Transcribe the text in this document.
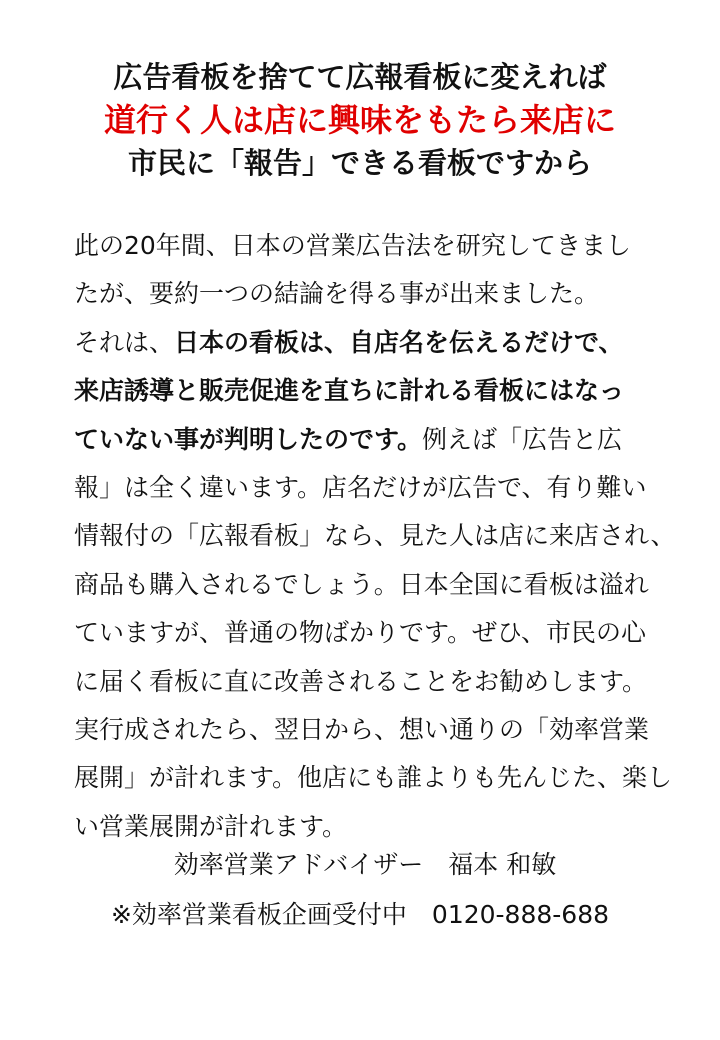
広告看板を捨てて広報看板に変えれば
道行く人は店に興味をもたら来店に
市民に「報告」できる看板ですから
此の20年間、日本の営業広告法を研究してきまし
たが、要約一つの結論を得る事が出来ました。
それは、日本の看板は、自店名を伝えるだけで、
来店誘導と販売促進を直ちに計れる看板にはなっ
ていない事が判明したのです。例えば「広告と広
報」は全く違います。店名だけが広告で、有り難い
情報付の「広報看板」なら、見た人は店に来店され、
商品も購入されるでしょう。日本全国に看板は溢れ
ていますが、普通の物ばかりです。ぜひ、市民の心
に届く看板に直に改善されることをお勧めします。
実行成されたら、翌日から、想い通りの「効率営業
展開」が計れます。他店にも誰よりも先んじた、楽し
い営業展開が計れます。
効率営業アドバイザー　福本 和敏
※効率営業看板企画受付中　0120-888-688
